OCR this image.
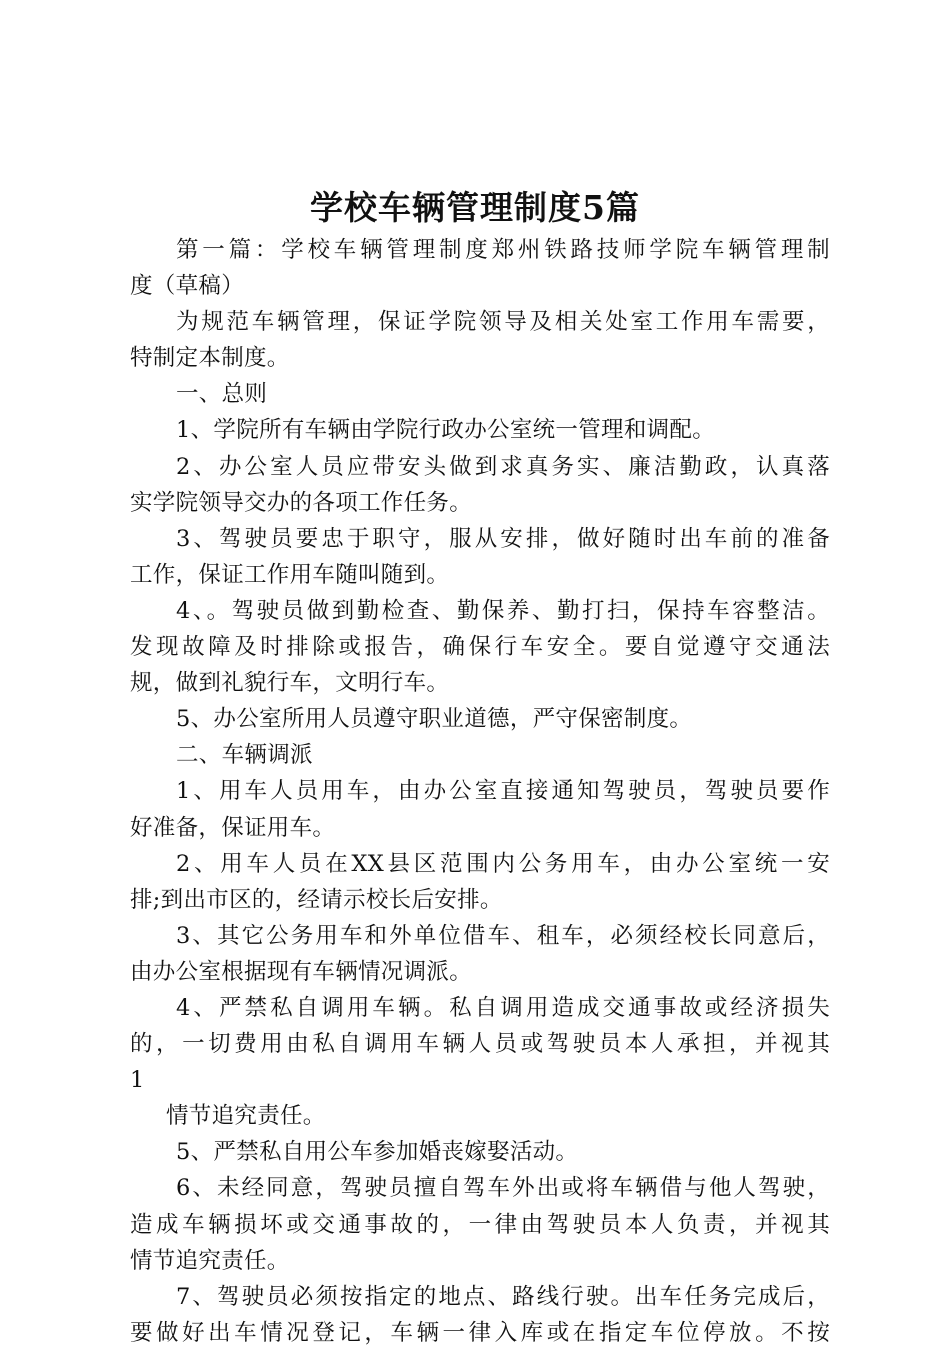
学校车辆管理制度5篇
第一篇：学校车辆管理制度郑州铁路技师学院车辆管理制
度（草稿）
为规范车辆管理，保证学院领导及相关处室工作用车需要，
特制定本制度。
一、总则
1、学院所有车辆由学院行政办公室统一管理和调配。
2、办公室人员应带安头做到求真务实、廉洁勤政，认真落
实学院领导交办的各项工作任务。
3、驾驶员要忠于职守，服从安排，做好随时出车前的准备
工作，保证工作用车随叫随到。
4、。驾驶员做到勤检查、勤保养、勤打扫，保持车容整洁。
发现故障及时排除或报告，确保行车安全。要自觉遵守交通法
规，做到礼貌行车，文明行车。
5、办公室所用人员遵守职业道德，严守保密制度。
二、车辆调派
1、用车人员用车，由办公室直接通知驾驶员，驾驶员要作
好准备，保证用车。
2、用车人员在XX县区范围内公务用车，由办公室统一安
排;到出市区的，经请示校长后安排。
3、其它公务用车和外单位借车、租车，必须经校长同意后，
由办公室根据现有车辆情况调派。
4、严禁私自调用车辆。私自调用造成交通事故或经济损失
的，一切费用由私自调用车辆人员或驾驶员本人承担，并视其
1
情节追究责任。
5、严禁私自用公车参加婚丧嫁娶活动。
6、未经同意，驾驶员擅自驾车外出或将车辆借与他人驾驶，
造成车辆损坏或交通事故的，一律由驾驶员本人负责，并视其
情节追究责任。
7、驾驶员必须按指定的地点、路线行驶。出车任务完成后，
要做好出车情况登记，车辆一律入库或在指定车位停放。不按
